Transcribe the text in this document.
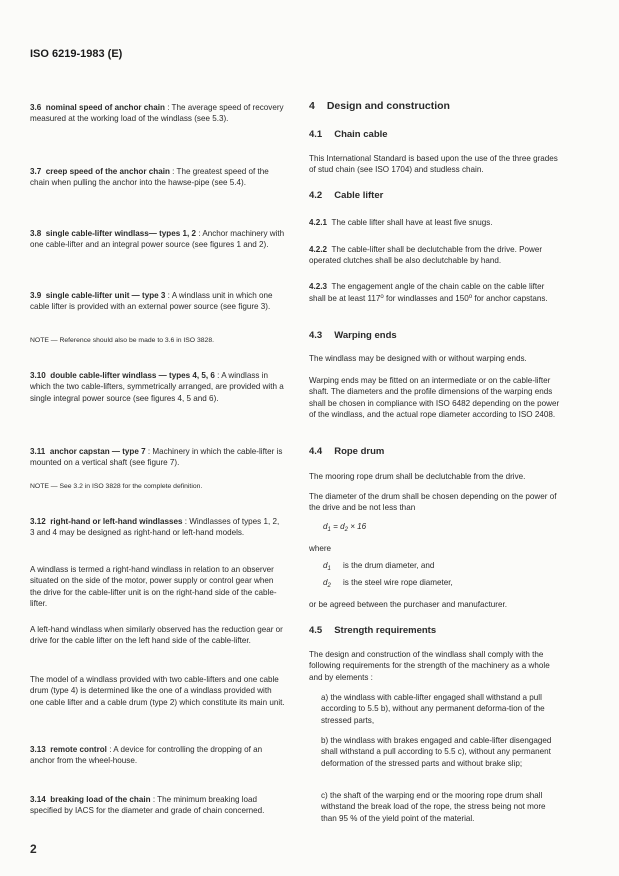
ISO 6219-1983 (E)

3.6 nominal speed of anchor chain : The average speed of recovery measured at the working load of the windlass (see 5.3).

3.7 creep speed of the anchor chain : The greatest speed of the chain when pulling the anchor into the hawse-pipe (see 5.4).

3.8 single cable-lifter windlass— types 1, 2 : Anchor machinery with one cable-lifter and an integral power source (see figures 1 and 2).

3.9 single cable-lifter unit — type 3 : A windlass unit in which one cable lifter is provided with an external power source (see figure 3).

NOTE — Reference should also be made to 3.6 in ISO 3828.

3.10 double cable-lifter windlass — types 4, 5, 6 : A windlass in which the two cable-lifters, symmetrically arranged, are provided with a single integral power source (see figures 4, 5 and 6).

3.11 anchor capstan — type 7 : Machinery in which the cable-lifter is mounted on a vertical shaft (see figure 7).

NOTE — See 3.2 in ISO 3828 for the complete definition.

3.12 right-hand or left-hand windlasses : Windlasses of types 1, 2, 3 and 4 may be designed as right-hand or left-hand models.

A windlass is termed a right-hand windlass in relation to an observer situated on the side of the motor, power supply or control gear when the drive for the cable-lifter unit is on the right-hand side of the cable-lifter.
A left-hand windlass when similarly observed has the reduction gear or drive for the cable lifter on the left hand side of the cable-lifter.
The model of a windlass provided with two cable-lifters and one cable drum (type 4) is determined like the one of a windlass provided with one cable lifter and a cable drum (type 2) which constitute its main unit.

3.13 remote control : A device for controlling the dropping of an anchor from the wheel-house.

3.14 breaking load of the chain : The minimum breaking load specified by IACS for the diameter and grade of chain concerned.

4 Design and construction
4.1 Chain cable
This International Standard is based upon the use of the three grades of stud chain (see ISO 1704) and studless chain.
4.2 Cable lifter
4.2.1 The cable lifter shall have at least five snugs.
4.2.2 The cable-lifter shall be declutchable from the drive. Power operated clutches shall be also declutchable by hand.
4.2.3 The engagement angle of the chain cable on the cable lifter shall be at least 117$^o$ for windlasses and 150$^o$ for anchor capstans.
4.3 Warping ends
The windlass may be designed with or without warping ends.
Warping ends may be fitted on an intermediate or on the cable-lifter shaft. The diameters and the profile dimensions of the warping ends shall be chosen in compliance with ISO 6482 depending on the power of the windlass, and the actual rope diameter according to ISO 2408.
4.4 Rope drum
The mooring rope drum shall be declutchable from the drive.
The diameter of the drum shall be chosen depending on the power of the drive and be not less than
$d_1 = d_2 \times 16$
where
$d_1$ is the drum diameter, and
$d_2$ is the steel wire rope diameter,
or be agreed between the purchaser and manufacturer.
4.5 Strength requirements
The design and construction of the windlass shall comply with the following requirements for the strength of the machinery as a whole and by elements :
a) the windlass with cable-lifter engaged shall withstand a pull according to 5.5 b), without any permanent deforma-tion of the stressed parts,
b) the windlass with brakes engaged and cable-lifter disengaged shall withstand a pull according to 5.5 c), without any permanent deformation of the stressed parts and without brake slip;
c) the shaft of the warping end or the mooring rope drum shall withstand the break load of the rope, the stress being not more than 95 % of the yield point of the material.
2
